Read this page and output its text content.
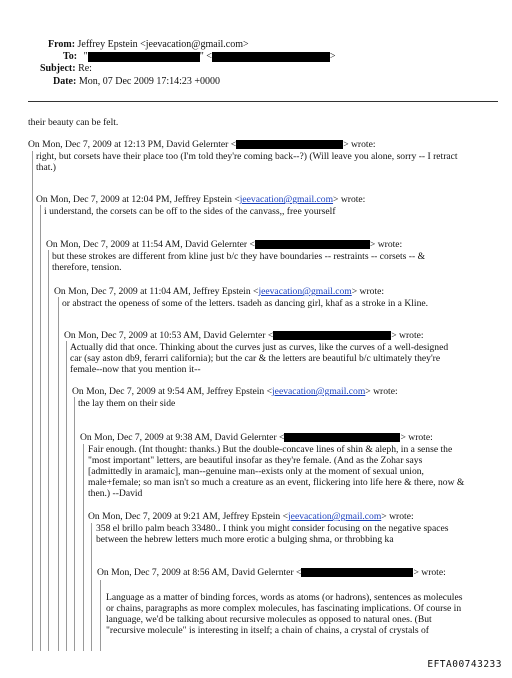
From: Jeffrey Epstein <jeevacation@gmail.com>
To: "	" <	>
Subject: Re:
Date: Mon, 07 Dec 2009 17:14:23 +0000
their beauty can be felt.
On Mon, Dec 7, 2009 at 12:13 PM, David Gelernter <	> wrote:
right, but corsets have their place too (I'm told they're coming back--?) (Will leave you alone, sorry -- I retract
that.)
On Mon, Dec 7, 2009 at 12:04 PM, Jeffrey Epstein <jeevacation@gmail.com> wrote:
i understand, the corsets can be off to the sides of the canvass,, free yourself
On Mon, Dec 7, 2009 at 11:54 AM, David Gelernter <	> wrote:
but these strokes are different from kline just b/c they have boundaries -- restraints -- corsets -- &
therefore, tension.
On Mon, Dec 7, 2009 at 11:04 AM, Jeffrey Epstein <jeevacation@gmail.com> wrote:
or abstract the openess of some of the letters. tsadeh as dancing girl, khaf as a stroke in a Kline.
On Mon, Dec 7, 2009 at 10:53 AM, David Gelernter <	> wrote:
Actually did that once. Thinking about the curves just as curves, like the curves of a well-designed
car (say aston db9, ferarri california); but the car & the letters are beautiful b/c ultimately they're
female--now that you mention it--
On Mon, Dec 7, 2009 at 9:54 AM, Jeffrey Epstein <jeevacation@gmail.com> wrote:
the lay them on their side
On Mon, Dec 7, 2009 at 9:38 AM, David Gelernter <	> wrote:
Fair enough. (Int thought: thanks.) But the double-concave lines of shin & aleph, in a sense the
"most important" letters, are beautiful insofar as they're female. (And as the Zohar says
[admittedly in aramaic], man--genuine man--exists only at the moment of sexual union,
male+female; so man isn't so much a creature as an event, flickering into life here & there, now &
then.) --David
On Mon, Dec 7, 2009 at 9:21 AM, Jeffrey Epstein <jeevacation@gmail.com> wrote:
358 el brillo palm beach 33480.. I think you might consider focusing on the negative spaces
between the hebrew letters much more erotic a bulging shma, or throbbing ka
On Mon, Dec 7, 2009 at 8:56 AM, David Gelernter <	> wrote:
Language as a matter of binding forces, words as atoms (or hadrons), sentences as molecules
or chains, paragraphs as more complex molecules, has fascinating implications. Of course in
language, we'd be talking about recursive molecules as opposed to natural ones. (But
"recursive molecule" is interesting in itself; a chain of chains, a crystal of crystals of
EFTA00743233
